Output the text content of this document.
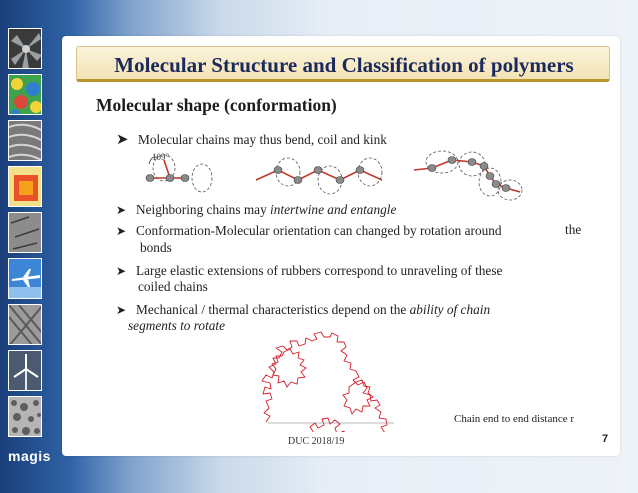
magis
Molecular Structure and Classification of polymers
Molecular shape (conformation)
➤ Molecular chains may thus bend, coil and kink
109°
➤ Neighboring chains may intertwine and entangle
➤ Conformation-Molecular orientation can changed by rotation around	the
bonds
➤ Large elastic extensions of rubbers correspond to unraveling of these
coiled chains
➤ Mechanical / thermal characteristics depend on the ability of chain
segments to rotate
Chain end to end distance r
DUC 2018/19	7
